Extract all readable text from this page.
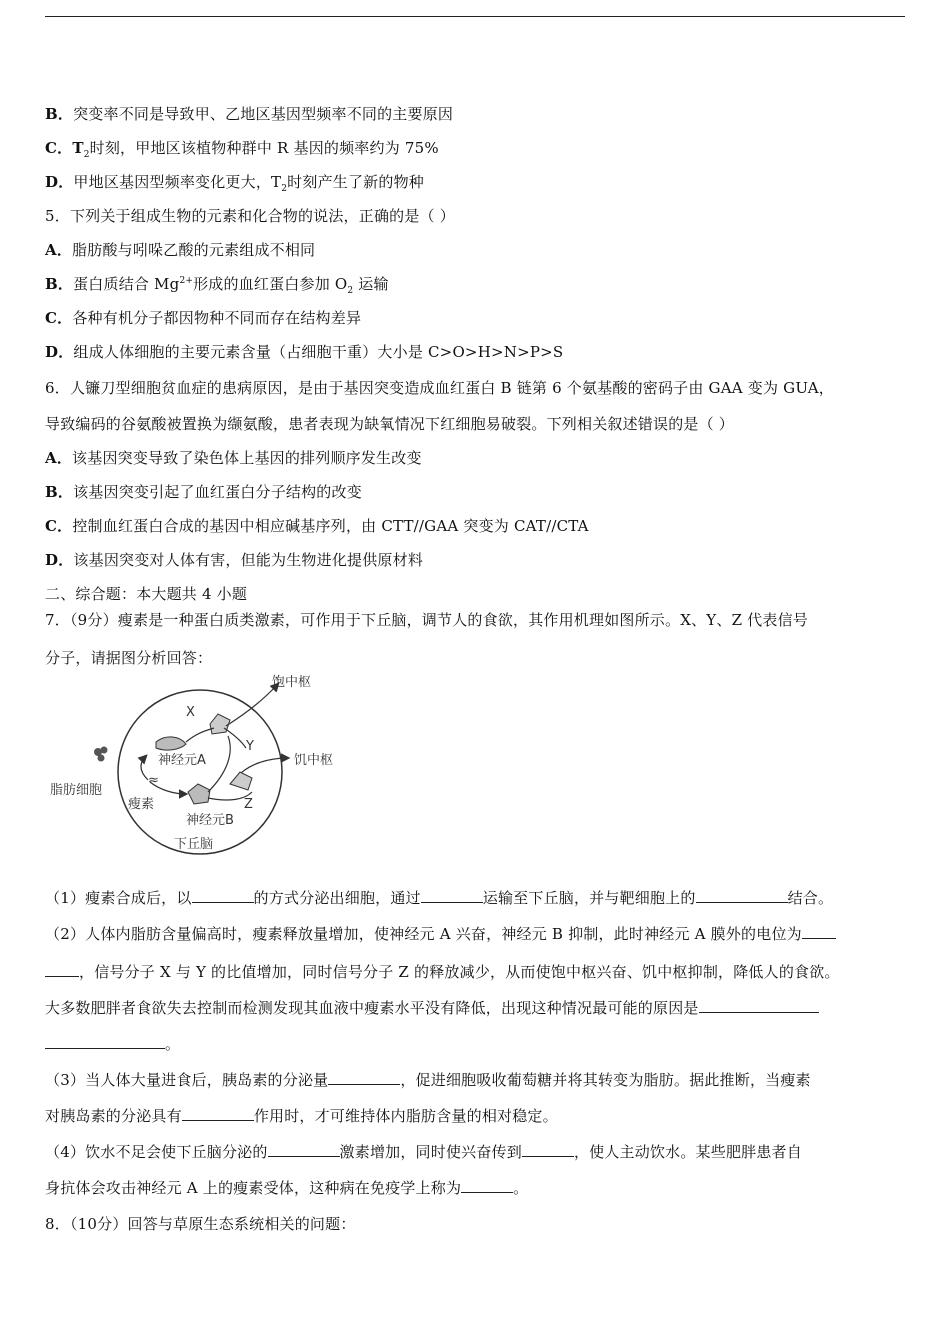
B．突变率不同是导致甲、乙地区基因型频率不同的主要原因
C．$T_2$时刻，甲地区该植物种群中 R 基因的频率约为 75%
D．甲地区基因型频率变化更大，$T_2$时刻产生了新的物种
5．下列关于组成生物的元素和化合物的说法，正确的是（ ）
A．脂肪酸与吲哚乙酸的元素组成不相同
B．蛋白质结合 $Mg^{2+}$形成的血红蛋白参加 $O_2$ 运输
C．各种有机分子都因物种不同而存在结构差异
D．组成人体细胞的主要元素含量（占细胞干重）大小是 C>O>H>N>P>S
6．人镰刀型细胞贫血症的患病原因，是由于基因突变造成血红蛋白 B 链第 6 个氨基酸的密码子由 GAA 变为 GUA，
导致编码的谷氨酸被置换为缬氨酸，患者表现为缺氧情况下红细胞易破裂。下列相关叙述错误的是（ ）
A．该基因突变导致了染色体上基因的排列顺序发生改变
B．该基因突变引起了血红蛋白分子结构的改变
C．控制血红蛋白合成的基因中相应碱基序列，由 CTT//GAA 突变为 CAT//CTA
D．该基因突变对人体有害，但能为生物进化提供原材料
二、综合题：本大题共 4 小题
7．（9分）瘦素是一种蛋白质类激素，可作用于下丘脑，调节人的食欲，其作用机理如图所示。X、Y、Z 代表信号
分子，请据图分析回答：
≈
饱中枢
饥中枢
脂肪细胞
瘦素
神经元A
神经元B
下丘脑
X
Y
Z
（1）瘦素合成后，以	的方式分泌出细胞，通过	运输至下丘脑，并与靶细胞上的	结合。
（2）人体内脂肪含量偏高时，瘦素释放量增加，使神经元 A 兴奋，神经元 B 抑制，此时神经元 A 膜外的电位为
，信号分子 X 与 Y 的比值增加，同时信号分子 Z 的释放减少，从而使饱中枢兴奋、饥中枢抑制，降低人的食欲。
大多数肥胖者食欲失去控制而检测发现其血液中瘦素水平没有降低，出现这种情况最可能的原因是
。
（3）当人体大量进食后，胰岛素的分泌量	，促进细胞吸收葡萄糖并将其转变为脂肪。据此推断，当瘦素
对胰岛素的分泌具有	作用时，才可维持体内脂肪含量的相对稳定。
（4）饮水不足会使下丘脑分泌的	激素增加，同时使兴奋传到	，使人主动饮水。某些肥胖患者自
身抗体会攻击神经元 A 上的瘦素受体，这种病在免疫学上称为	。
8．（10分）回答与草原生态系统相关的问题：
